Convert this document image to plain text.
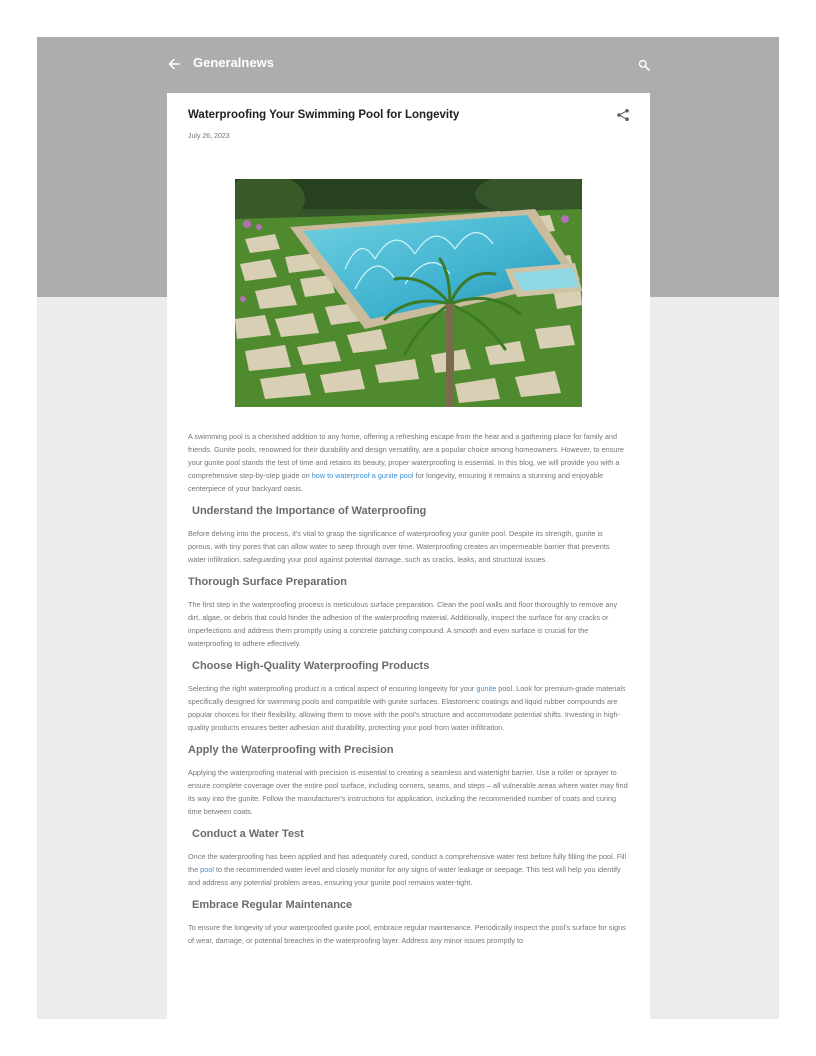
Generalnews
Waterproofing Your Swimming Pool for Longevity
July 26, 2023

A swimming pool is a cherished addition to any home, offering a refreshing escape from the heat and a gathering place for family and friends. Gunite pools, renowned for their durability and design versatility, are a popular choice among homeowners. However, to ensure your gunite pool stands the test of time and retains its beauty, proper waterproofing is essential. In this blog, we will provide you with a comprehensive step-by-step guide on how to waterproof a gunite pool for longevity, ensuring it remains a stunning and enjoyable centerpiece of your backyard oasis.

Understand the Importance of Waterproofing

Before delving into the process, it's vital to grasp the significance of waterproofing your gunite pool. Despite its strength, gunite is porous, with tiny pores that can allow water to seep through over time. Waterproofing creates an impermeable barrier that prevents water infiltration, safeguarding your pool against potential damage, such as cracks, leaks, and structural issues.

Thorough Surface Preparation

The first step in the waterproofing process is meticulous surface preparation. Clean the pool walls and floor thoroughly to remove any dirt, algae, or debris that could hinder the adhesion of the waterproofing material. Additionally, inspect the surface for any cracks or imperfections and address them promptly using a concrete patching compound. A smooth and even surface is crucial for the waterproofing to adhere effectively.

Choose High-Quality Waterproofing Products

Selecting the right waterproofing product is a critical aspect of ensuring longevity for your gunite pool. Look for premium-grade materials specifically designed for swimming pools and compatible with gunite surfaces. Elastomeric coatings and liquid rubber compounds are popular choices for their flexibility, allowing them to move with the pool's structure and accommodate potential shifts. Investing in high-quality products ensures better adhesion and durability, protecting your pool from water infiltration.

Apply the Waterproofing with Precision

Applying the waterproofing material with precision is essential to creating a seamless and watertight barrier. Use a roller or sprayer to ensure complete coverage over the entire pool surface, including corners, seams, and steps – all vulnerable areas where water may find its way into the gunite. Follow the manufacturer's instructions for application, including the recommended number of coats and curing time between coats.

Conduct a Water Test

Once the waterproofing has been applied and has adequately cured, conduct a comprehensive water test before fully filling the pool. Fill the pool to the recommended water level and closely monitor for any signs of water leakage or seepage. This test will help you identify and address any potential problem areas, ensuring your gunite pool remains water-tight.

Embrace Regular Maintenance

To ensure the longevity of your waterproofed gunite pool, embrace regular maintenance. Periodically inspect the pool's surface for signs of wear, damage, or potential breaches in the waterproofing layer. Address any minor issues promptly to
